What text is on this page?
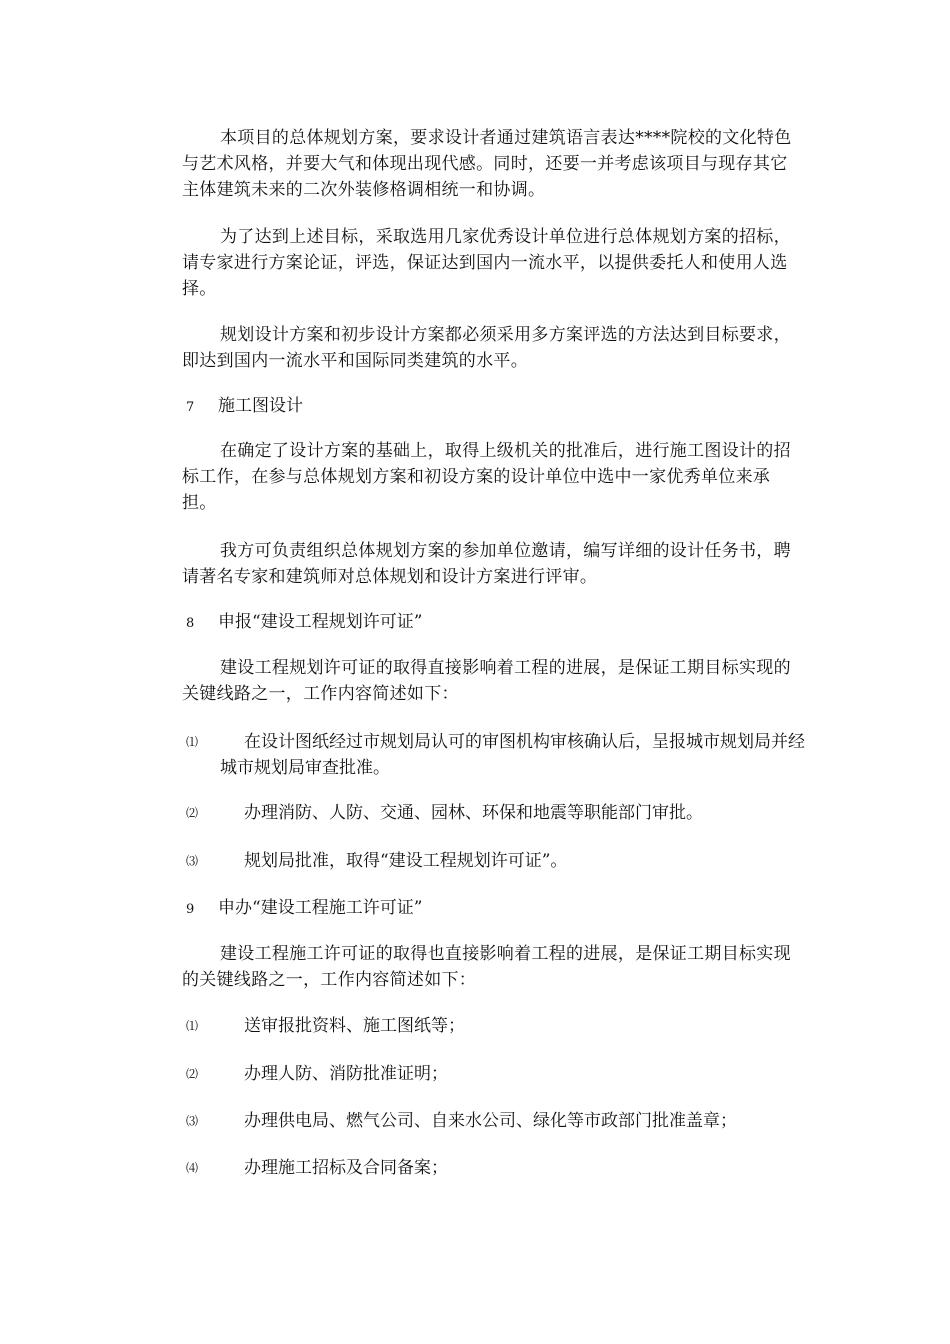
本项目的总体规划方案，要求设计者通过建筑语言表达****院校的文化特色与艺术风格，并要大气和体现出现代感。同时，还要一并考虑该项目与现存其它主体建筑未来的二次外装修格调相统一和协调。

为了达到上述目标，采取选用几家优秀设计单位进行总体规划方案的招标，请专家进行方案论证，评选，保证达到国内一流水平，以提供委托人和使用人选择。

规划设计方案和初步设计方案都必须采用多方案评选的方法达到目标要求，即达到国内一流水平和国际同类建筑的水平。

7 施工图设计

在确定了设计方案的基础上，取得上级机关的批准后，进行施工图设计的招标工作，在参与总体规划方案和初设方案的设计单位中选中一家优秀单位来承担。

我方可负责组织总体规划方案的参加单位邀请，编写详细的设计任务书，聘请著名专家和建筑师对总体规划和设计方案进行评审。

8 申报“建设工程规划许可证”

建设工程规划许可证的取得直接影响着工程的进展，是保证工期目标实现的关键线路之一，工作内容简述如下：

⑴	在设计图纸经过市规划局认可的审图机构审核确认后，呈报城市规划局并经城市规划局审查批准。
⑵	办理消防、人防、交通、园林、环保和地震等职能部门审批。
⑶	规划局批准，取得“建设工程规划许可证”。
9 申办“建设工程施工许可证”

建设工程施工许可证的取得也直接影响着工程的进展，是保证工期目标实现的关键线路之一，工作内容简述如下：

⑴	送审报批资料、施工图纸等；
⑵	办理人防、消防批准证明；
⑶	办理供电局、燃气公司、自来水公司、绿化等市政部门批准盖章；
⑷	办理施工招标及合同备案；
